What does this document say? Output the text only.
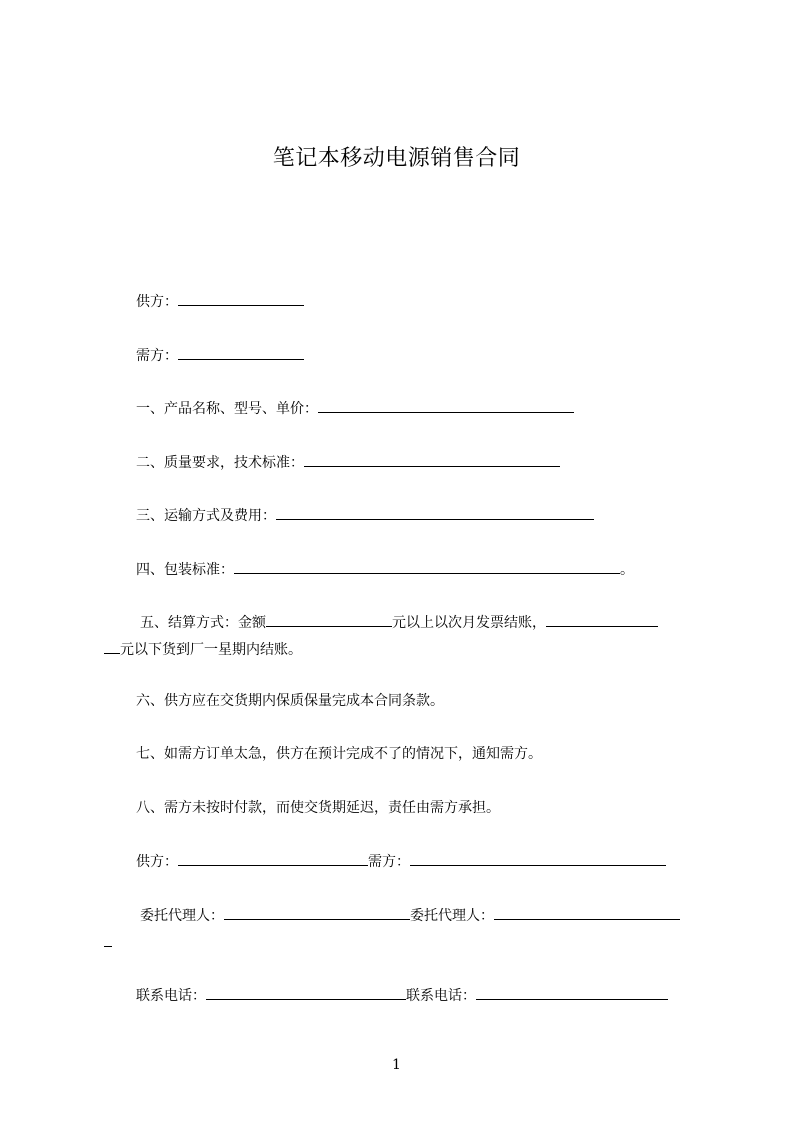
笔记本移动电源销售合同
供方：
需方：
一、产品名称、型号、单价：
二、质量要求，技术标准：
三、运输方式及费用：
四、包装标准：	。
五、结算方式：金额	元以上以次月发票结账，
元以下货到厂一星期内结账。
六、供方应在交货期内保质保量完成本合同条款。
七、如需方订单太急，供方在预计完成不了的情况下，通知需方。
八、需方未按时付款，而使交货期延迟，责任由需方承担。
供方：	需方：
委托代理人：	委托代理人：
联系电话：	联系电话：
1
